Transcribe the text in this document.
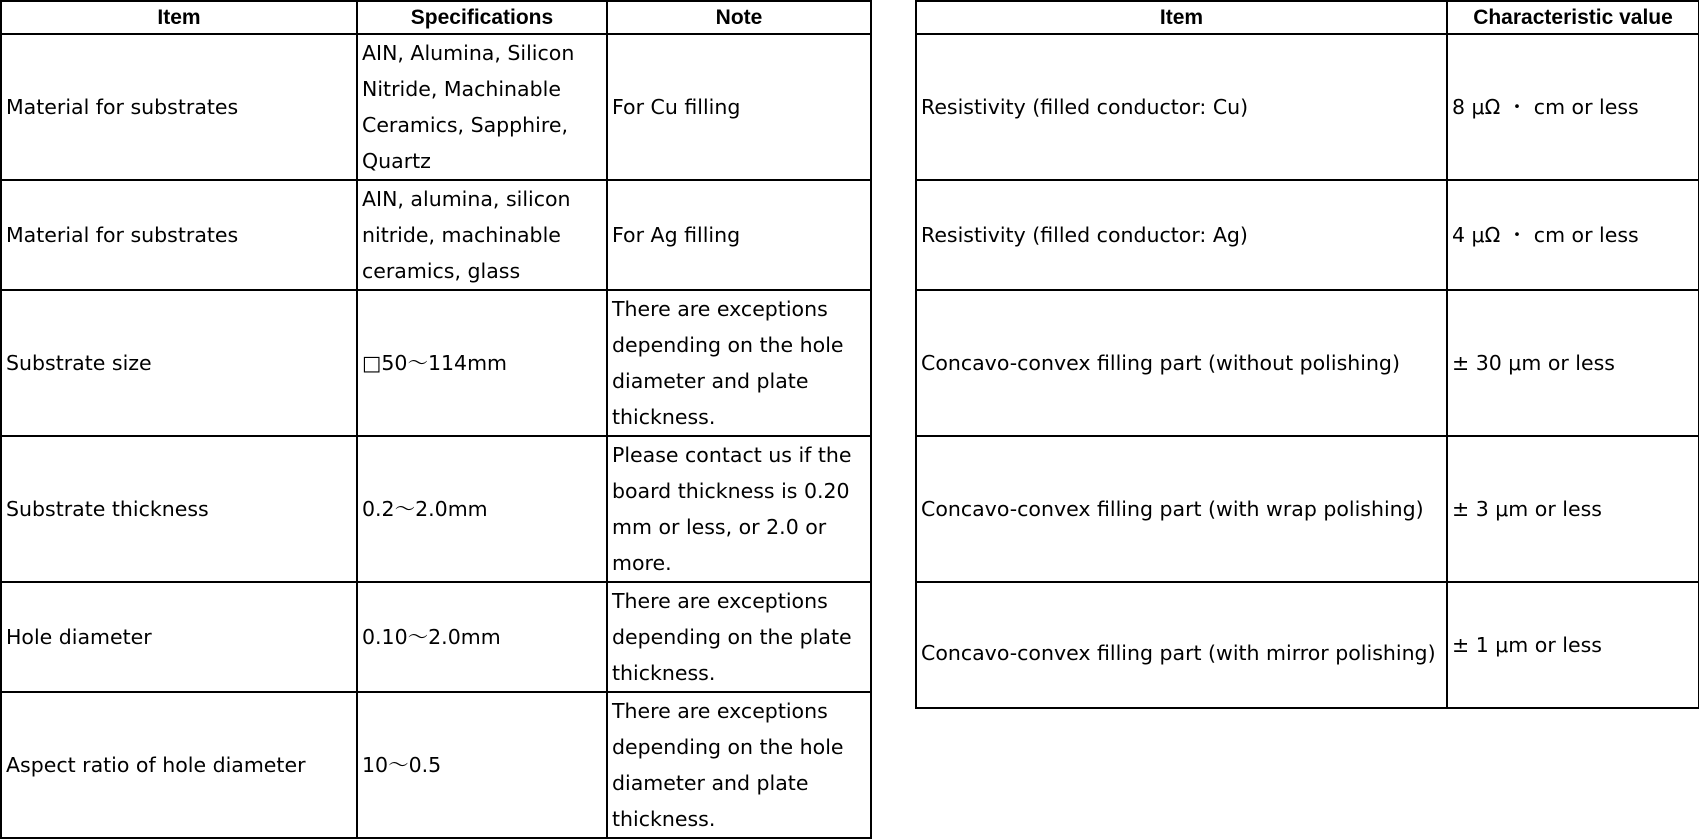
Item	Specifications	Note
Material for substrates	AIN, Alumina, Silicon Nitride, Machinable Ceramics, Sapphire, Quartz	For Cu filling
Material for substrates	AIN, alumina, silicon nitride, machinable ceramics, glass	For Ag filling
Substrate size	□50～114mm	There are exceptions depending on the hole diameter and plate thickness.
Substrate thickness	0.2～2.0mm	Please contact us if the board thickness is 0.20 mm or less, or 2.0 or more.
Hole diameter	0.10～2.0mm	There are exceptions depending on the plate thickness.
Aspect ratio of hole diameter	10～0.5	There are exceptions depending on the hole diameter and plate thickness.
Item	Characteristic value
Resistivity (filled conductor: Cu)	8 μΩ ・ cm or less
Resistivity (filled conductor: Ag)	4 μΩ ・ cm or less
Concavo-convex filling part (without polishing)	± 30 μm or less
Concavo-convex filling part (with wrap polishing)	± 3 μm or less
Concavo-convex filling part (with mirror polishing)	± 1 μm or less
